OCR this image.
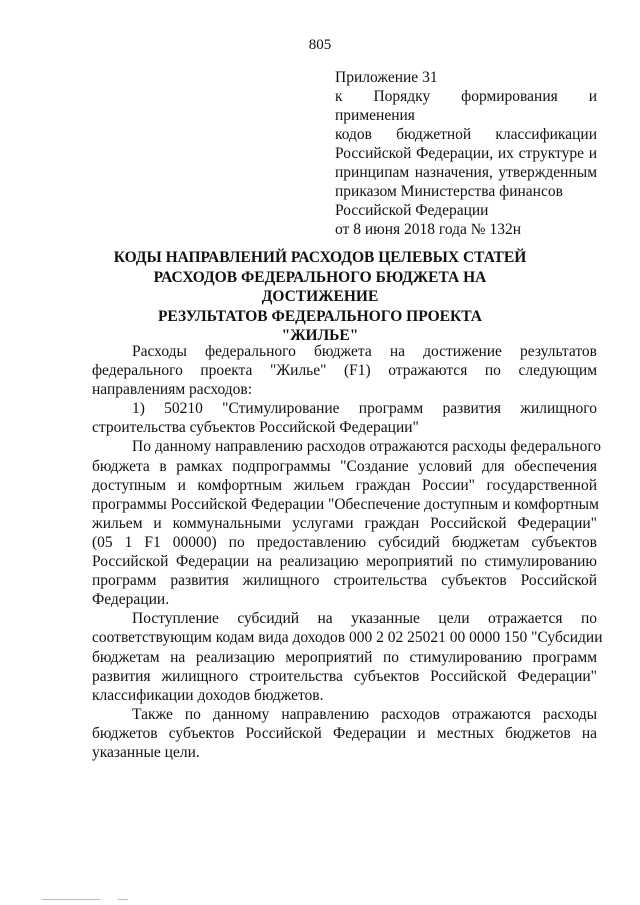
805
Приложение 31
к Порядку формирования и применения
кодов бюджетной классификации
Российской Федерации, их структуре и
принципам назначения, утвержденным
приказом Министерства финансов
Российской Федерации
от 8 июня 2018 года № 132н
КОДЫ НАПРАВЛЕНИЙ РАСХОДОВ ЦЕЛЕВЫХ СТАТЕЙ
РАСХОДОВ ФЕДЕРАЛЬНОГО БЮДЖЕТА НА ДОСТИЖЕНИЕ
РЕЗУЛЬТАТОВ ФЕДЕРАЛЬНОГО ПРОЕКТА
"ЖИЛЬЕ"
Расходы федерального бюджета на достижение результатов
федерального проекта "Жилье" (F1) отражаются по следующим
направлениям расходов:
1) 50210 "Стимулирование программ развития жилищного
строительства субъектов Российской Федерации"
По данному направлению расходов отражаются расходы федерального
бюджета в рамках подпрограммы "Создание условий для обеспечения
доступным и комфортным жильем граждан России" государственной
программы Российской Федерации "Обеспечение доступным и комфортным
жильем и коммунальными услугами граждан Российской Федерации"
(05 1 F1 00000) по предоставлению субсидий бюджетам субъектов
Российской Федерации на реализацию мероприятий по стимулированию
программ развития жилищного строительства субъектов Российской
Федерации.
Поступление субсидий на указанные цели отражается по
соответствующим кодам вида доходов 000 2 02 25021 00 0000 150 "Субсидии
бюджетам на реализацию мероприятий по стимулированию программ
развития жилищного строительства субъектов Российской Федерации"
классификации доходов бюджетов.
Также по данному направлению расходов отражаются расходы
бюджетов субъектов Российской Федерации и местных бюджетов на
указанные цели.
